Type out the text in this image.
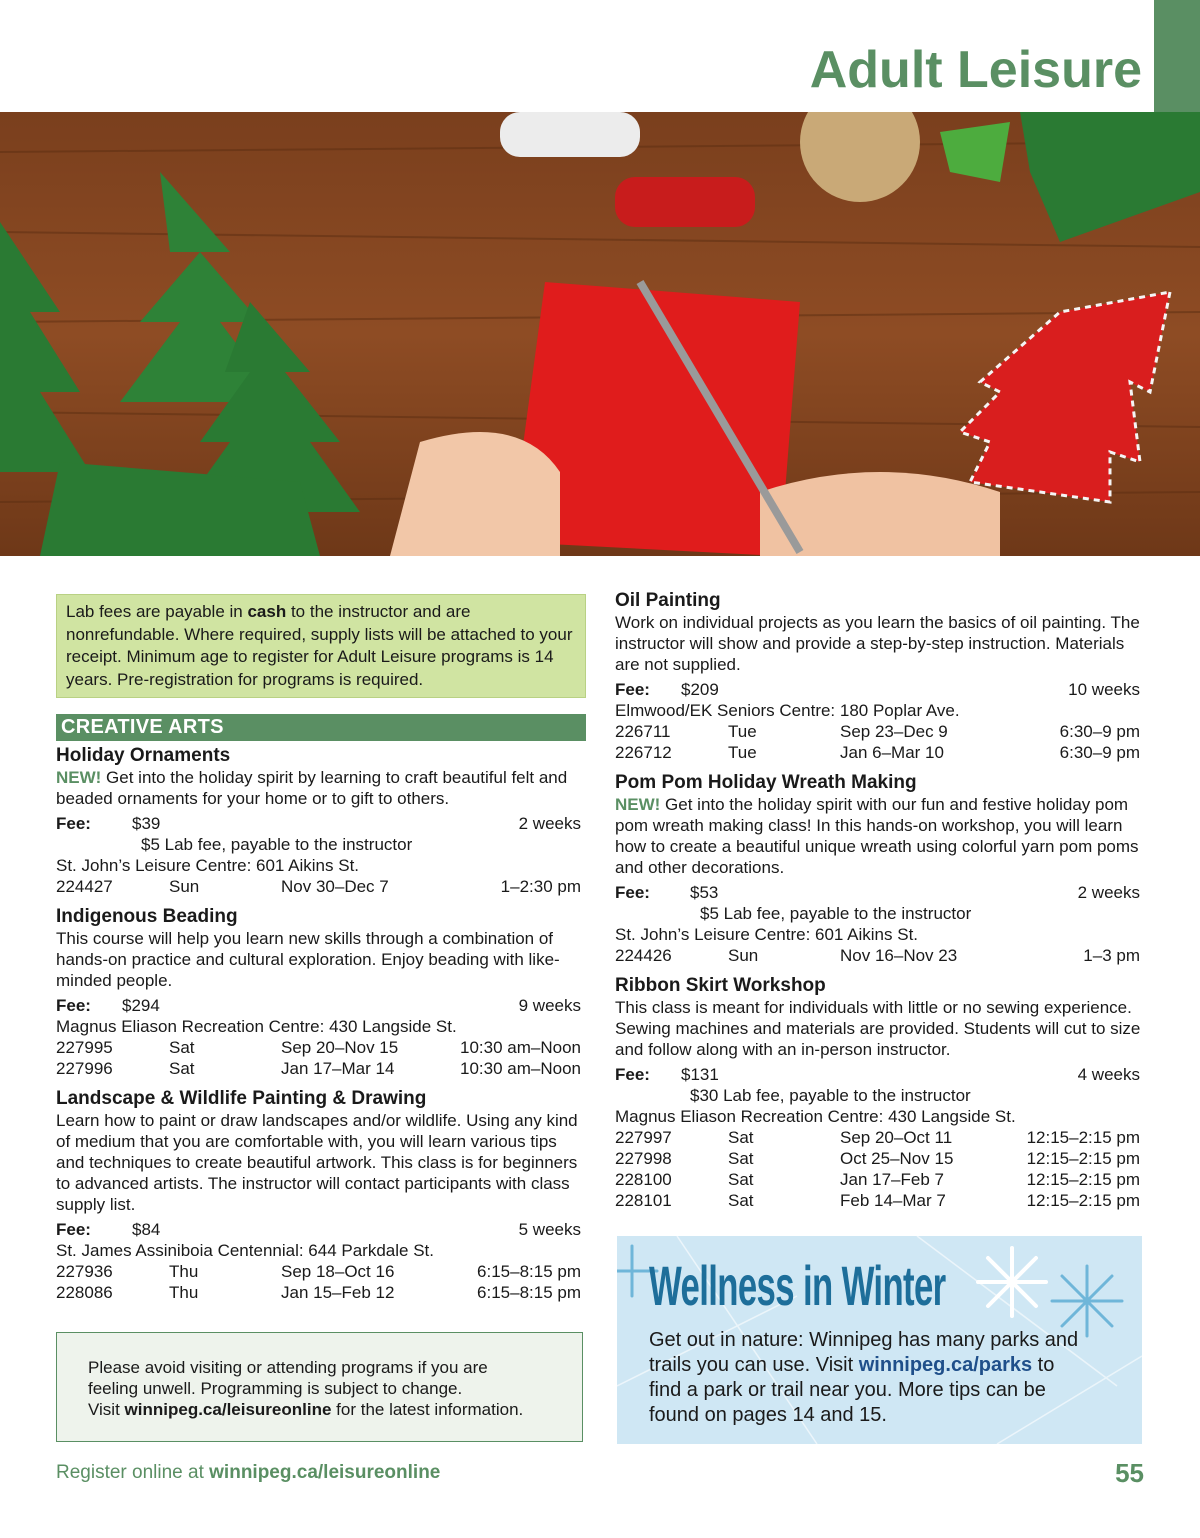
Adult Leisure
Lab fees are payable in cash to the instructor and are nonrefundable. Where required, supply lists will be attached to your receipt. Minimum age to register for Adult Leisure programs is 14 years. Pre-registration for programs is required.
CREATIVE ARTS
Holiday Ornaments

NEW! Get into the holiday spirit by learning to craft beautiful felt and beaded ornaments for your home or to gift to others.

Fee: $39	2 weeks
$5 Lab fee, payable to the instructor
St. John’s Leisure Centre: 601 Aikins St.
224427	Sun	Nov 30–Dec 7	1–2:30 pm
Indigenous Beading

This course will help you learn new skills through a combination of hands-on practice and cultural exploration. Enjoy beading with like-minded people.

Fee: $294	9 weeks
Magnus Eliason Recreation Centre: 430 Langside St.
227995	Sat	Sep 20–Nov 15	10:30 am–Noon
227996	Sat	Jan 17–Mar 14	10:30 am–Noon
Landscape & Wildlife Painting & Drawing

Learn how to paint or draw landscapes and/or wildlife. Using any kind of medium that you are comfortable with, you will learn various tips and techniques to create beautiful artwork. This class is for beginners to advanced artists. The instructor will contact participants with class supply list.

Fee: $84	5 weeks
St. James Assiniboia Centennial: 644 Parkdale St.
227936	Thu	Sep 18–Oct 16	6:15–8:15 pm
228086	Thu	Jan 15–Feb 12	6:15–8:15 pm
Oil Painting

Work on individual projects as you learn the basics of oil painting. The instructor will show and provide a step-by-step instruction. Materials are not supplied.

Fee: $209	10 weeks
Elmwood/EK Seniors Centre: 180 Poplar Ave.
226711	Tue	Sep 23–Dec 9	6:30–9 pm
226712	Tue	Jan 6–Mar 10	6:30–9 pm
Pom Pom Holiday Wreath Making

NEW! Get into the holiday spirit with our fun and festive holiday pom pom wreath making class! In this hands-on workshop, you will learn how to create a beautiful unique wreath using colorful yarn pom poms and other decorations.

Fee: $53	2 weeks
$5 Lab fee, payable to the instructor
St. John’s Leisure Centre: 601 Aikins St.
224426	Sun	Nov 16–Nov 23	1–3 pm
Ribbon Skirt Workshop

This class is meant for individuals with little or no sewing experience. Sewing machines and materials are provided. Students will cut to size and follow along with an in-person instructor.

Fee: $131	4 weeks
$30 Lab fee, payable to the instructor
Magnus Eliason Recreation Centre: 430 Langside St.
227997	Sat	Sep 20–Oct 11	12:15–2:15 pm
227998	Sat	Oct 25–Nov 15	12:15–2:15 pm
228100	Sat	Jan 17–Feb 7	12:15–2:15 pm
228101	Sat	Feb 14–Mar 7	12:15–2:15 pm
Please avoid visiting or attending programs if you are
feeling unwell. Programming is subject to change.
Visit winnipeg.ca/leisureonline for the latest information.
Wellness in Winter
Get out in nature: Winnipeg has many parks and trails you can use. Visit winnipeg.ca/parks to find a park or trail near you. More tips can be found on pages 14 and 15.
Register online at winnipeg.ca/leisureonline	55
